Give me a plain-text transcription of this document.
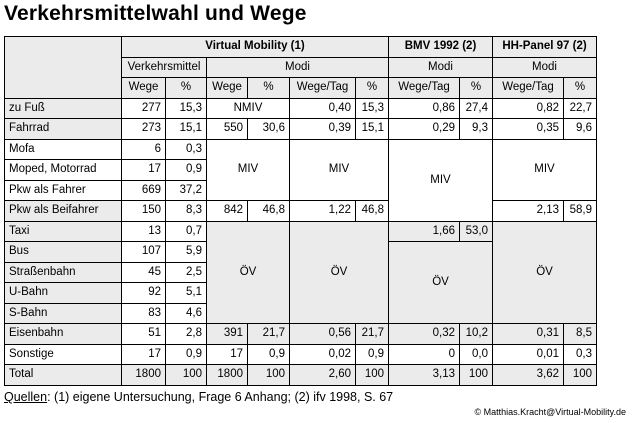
Verkehrsmittelwahl und Wege
	Virtual Mobility (1)						BMV 1992 (2)		HH-Panel 97 (2)	
	Verkehrsmittel		Modi				Modi		Modi	
	Wege	%	Wege	%	Wege/Tag	%	Wege/Tag	%	Wege/Tag	%
zu Fuß	277	15,3	NMIV		0,40	15,3	0,86	27,4	0,82	22,7
Fahrrad	273	15,1	550	30,6	0,39	15,1	0,29	9,3	0,35	9,6
Mofa	6	0,3	MIV		MIV		MIV		MIV	
Moped, Motorrad	17	0,9								
Pkw als Fahrer	669	37,2								
Pkw als Beifahrer	150	8,3	842	46,8	1,22	46,8			2,13	58,9
Taxi	13	0,7	ÖV		ÖV		1,66	53,0	ÖV	
Bus	107	5,9					ÖV			
Straßenbahn	45	2,5								
U-Bahn	92	5,1								
S-Bahn	83	4,6								
Eisenbahn	51	2,8	391	21,7	0,56	21,7	0,32	10,2	0,31	8,5
Sonstige	17	0,9	17	0,9	0,02	0,9	0	0,0	0,01	0,3
Total	1800	100	1800	100	2,60	100	3,13	100	3,62	100
Quellen: (1) eigene Untersuchung, Frage 6 Anhang; (2) ifv 1998, S. 67
© Matthias.Kracht@Virtual-Mobility.de
